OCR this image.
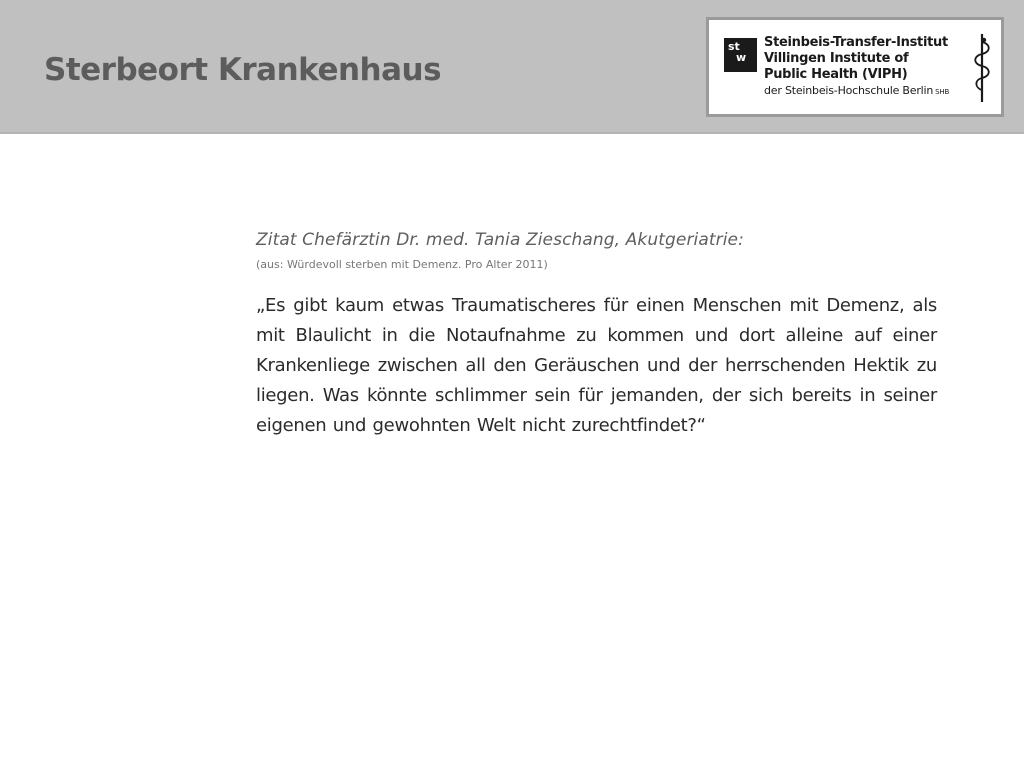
Sterbeort Krankenhaus
st
w
Steinbeis-Transfer-Institut
Villingen Institute of
Public Health (VIPH)
der Steinbeis-Hochschule Berlin SHB

Zitat Chefärztin Dr. med. Tania Zieschang, Akutgeriatrie:

(aus: Würdevoll sterben mit Demenz. Pro Alter 2011)

„Es gibt kaum etwas Traumatischeres für einen Menschen mit Demenz, als mit Blaulicht in die Notaufnahme zu kommen und dort alleine auf einer Krankenliege zwischen all den Geräuschen und der herrschenden Hektik zu liegen. Was könnte schlimmer sein für jemanden, der sich bereits in seiner eigenen und gewohnten Welt nicht zurechtfindet?“
